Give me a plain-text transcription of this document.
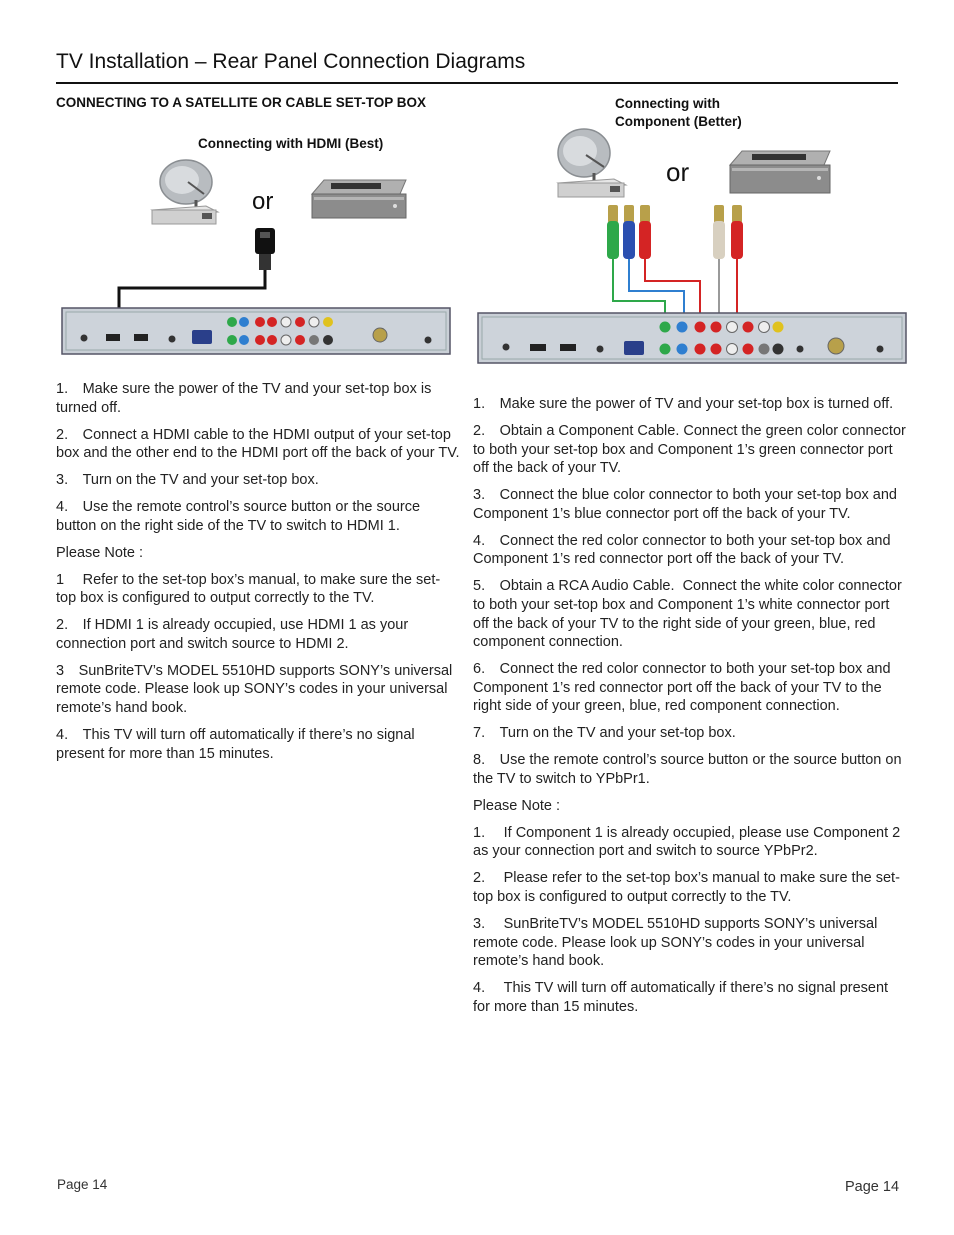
TV Installation – Rear Panel Connection Diagrams
CONNECTING TO A SATELLITE OR CABLE SET-TOP BOX
Connecting with HDMI (Best)
or
Connecting with
Component (Better)
or

1. Make sure the power of the TV and your set-top box is turned off.

2. Connect a HDMI cable to the HDMI output of your set-top box and the other end to the HDMI port off the back of your TV.

3. Turn on the TV and your set-top box.

4. Use the remote control’s source button or the source button on the right side of the TV to switch to HDMI 1.

Please Note :

1  Refer to the set-top box’s manual, to make sure the set-top box is configured to output correctly to the TV.

2. If HDMI 1 is already occupied, use HDMI 1 as your connection port and switch source to HDMI 2.

3 SunBriteTV’s MODEL 5510HD supports SONY’s universal remote code. Please look up SONY’s codes in your universal remote’s hand book.

4. This TV will turn off automatically if there’s no signal present for more than 15 minutes.

1. Make sure the power of TV and your set-top box is turned off.

2. Obtain a Component Cable. Connect the green color connector to both your set-top box and Component 1’s green connector port off the back of your TV.

3. Connect the blue color connector to both your set-top box and Component 1’s blue connector port off the back of your TV.

4. Connect the red color connector to both your set-top box and Component 1’s red connector port off the back of your TV.

5. Obtain a RCA Audio Cable.  Connect the white color connector to both your set-top box and Component 1’s white connector port off the back of your TV to the right side of your green, blue, red component connection.

6. Connect the red color connector to both your set-top box and Component 1’s red connector port off the back of your TV to the right side of your green, blue, red component connection.

7. Turn on the TV and your set-top box.

8. Use the remote control’s source button or the source button on the TV to switch to YPbPr1.

Please Note :

1.  If Component 1 is already occupied, please use Component 2 as your connection port and switch to source YPbPr2.

2.  Please refer to the set-top box’s manual to make sure the set-top box is configured to output correctly to the TV.

3.  SunBriteTV’s MODEL 5510HD supports SONY’s universal remote code. Please look up SONY’s codes in your universal remote’s hand book.

4.  This TV will turn off automatically if there’s no signal present for more than 15 minutes.

Page 14	Page 14
